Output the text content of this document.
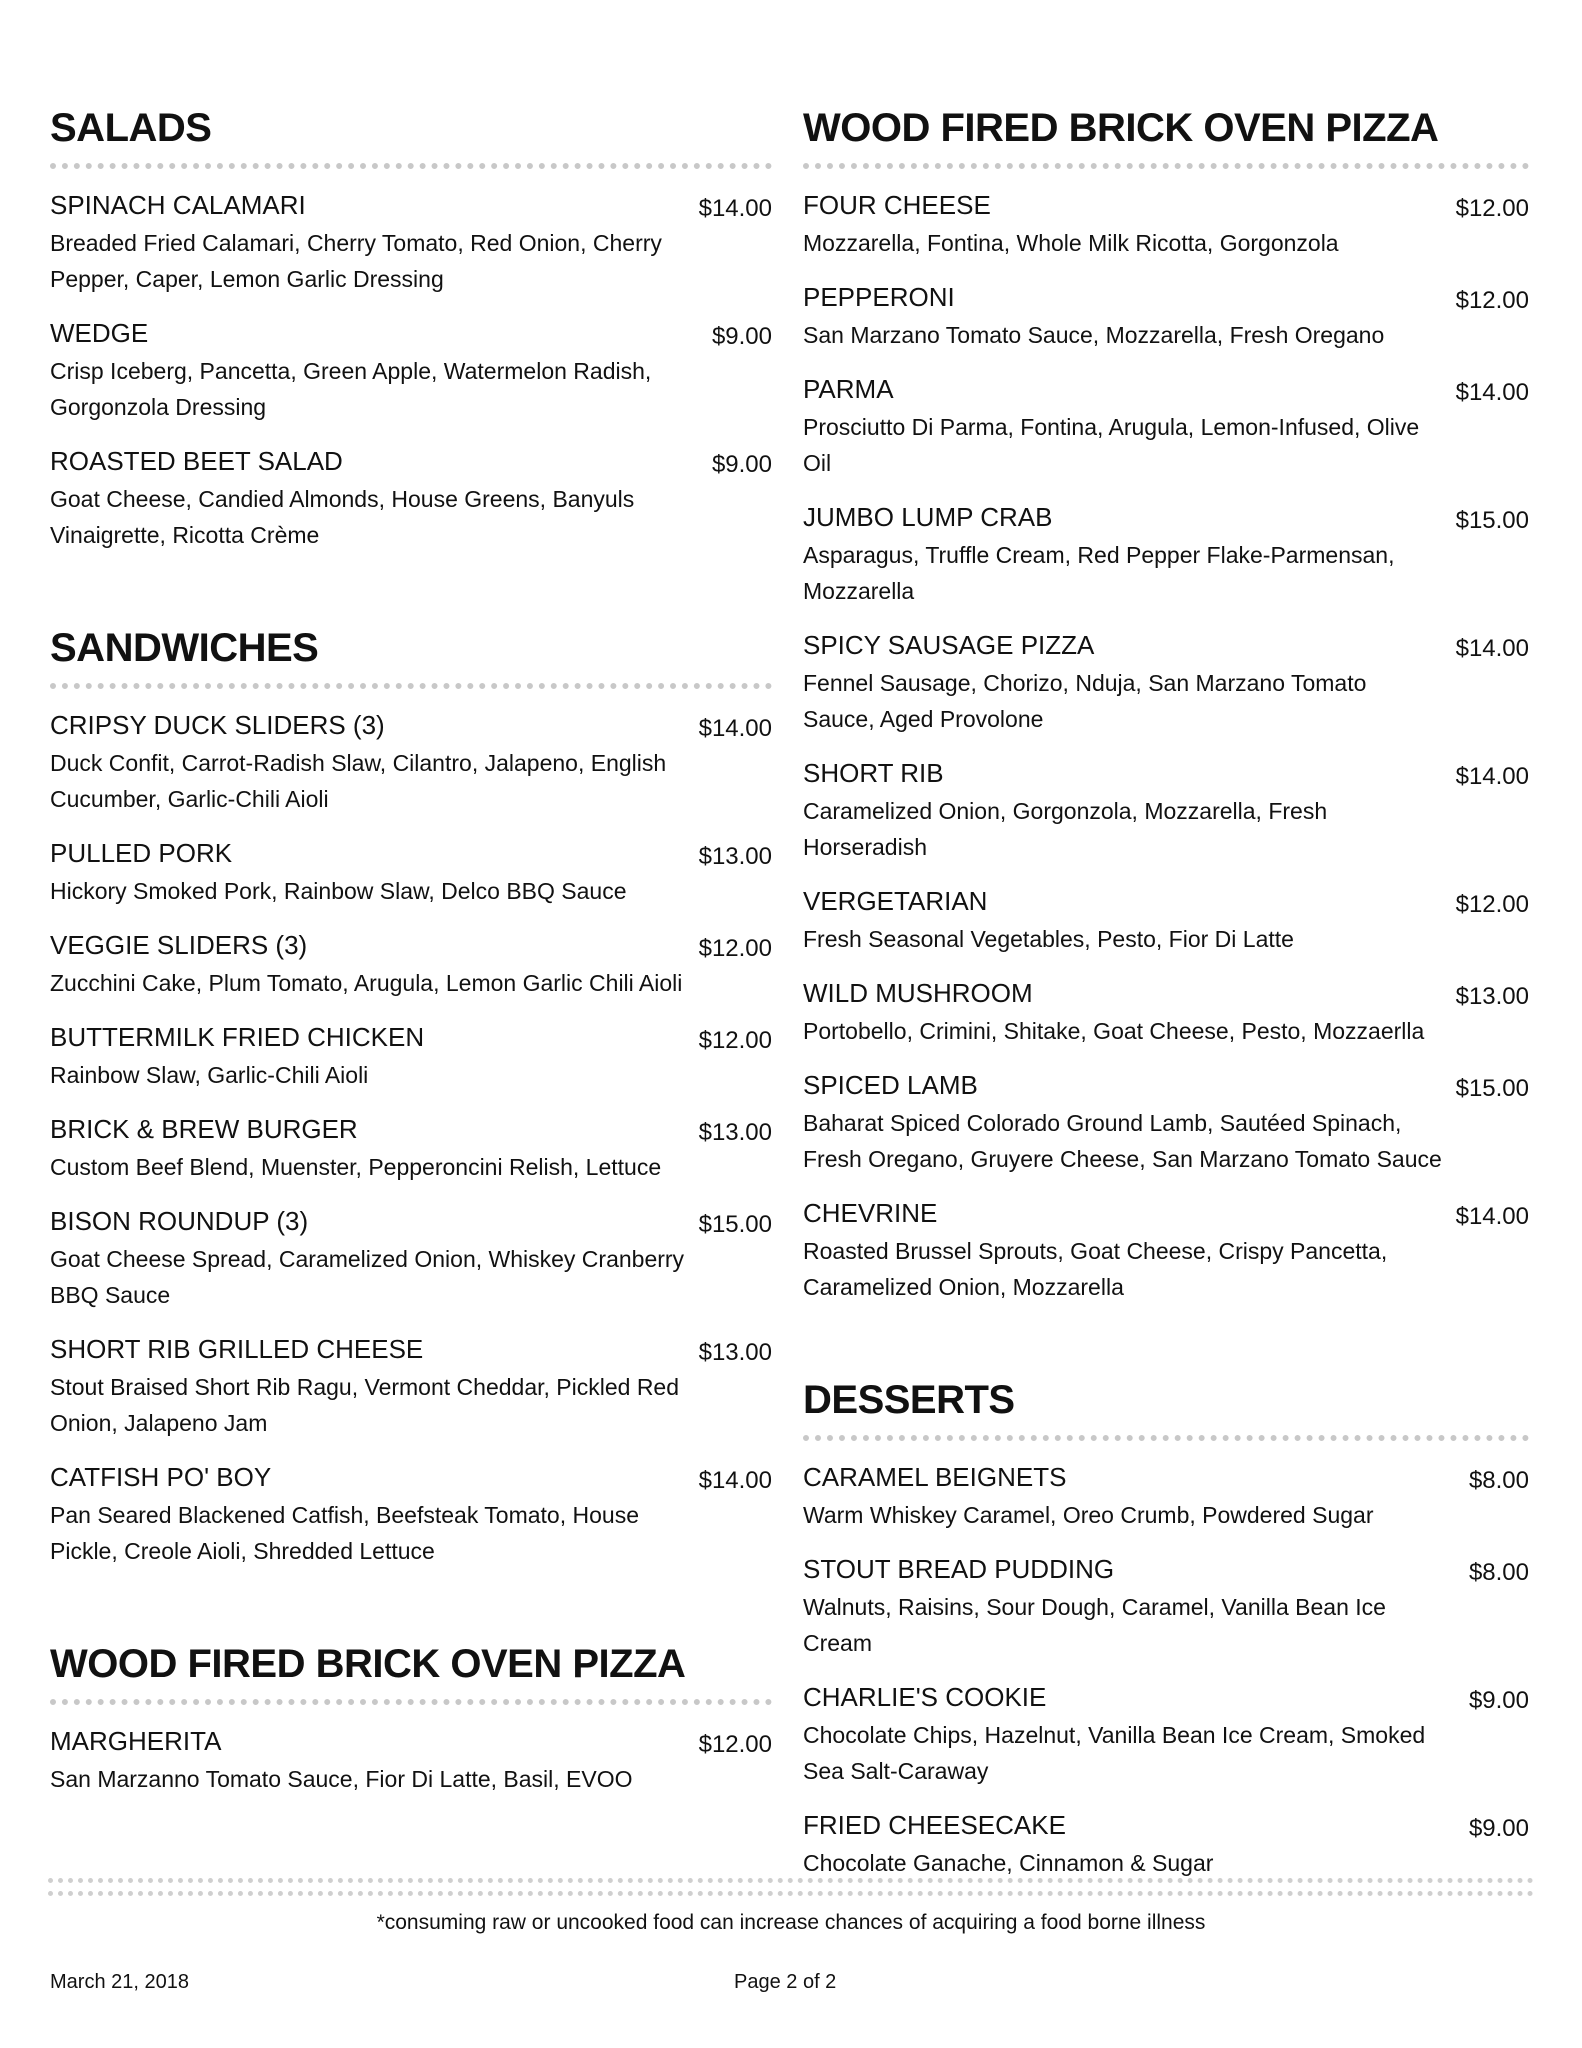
SALADS
SPINACH CALAMARI	$14.00
Breaded Fried Calamari, Cherry Tomato, Red Onion, Cherry Pepper, Caper, Lemon Garlic Dressing
WEDGE	$9.00
Crisp Iceberg, Pancetta, Green Apple, Watermelon Radish, Gorgonzola Dressing
ROASTED BEET SALAD	$9.00
Goat Cheese, Candied Almonds, House Greens, Banyuls Vinaigrette, Ricotta Crème
SANDWICHES
CRIPSY DUCK SLIDERS (3)	$14.00
Duck Confit, Carrot-Radish Slaw, Cilantro, Jalapeno, English Cucumber, Garlic-Chili Aioli
PULLED PORK	$13.00
Hickory Smoked Pork, Rainbow Slaw, Delco BBQ Sauce
VEGGIE SLIDERS (3)	$12.00
Zucchini Cake, Plum Tomato, Arugula, Lemon Garlic Chili Aioli
BUTTERMILK FRIED CHICKEN	$12.00
Rainbow Slaw, Garlic-Chili Aioli
BRICK & BREW BURGER	$13.00
Custom Beef Blend, Muenster, Pepperoncini Relish, Lettuce
BISON ROUNDUP (3)	$15.00
Goat Cheese Spread, Caramelized Onion, Whiskey Cranberry BBQ Sauce
SHORT RIB GRILLED CHEESE	$13.00
Stout Braised Short Rib Ragu, Vermont Cheddar, Pickled Red Onion, Jalapeno Jam
CATFISH PO' BOY	$14.00
Pan Seared Blackened Catfish, Beefsteak Tomato, House Pickle, Creole Aioli, Shredded Lettuce
WOOD FIRED BRICK OVEN PIZZA
MARGHERITA	$12.00
San Marzanno Tomato Sauce, Fior Di Latte, Basil, EVOO
WOOD FIRED BRICK OVEN PIZZA
FOUR CHEESE	$12.00
Mozzarella, Fontina, Whole Milk Ricotta, Gorgonzola
PEPPERONI	$12.00
San Marzano Tomato Sauce, Mozzarella, Fresh Oregano
PARMA	$14.00
Prosciutto Di Parma, Fontina, Arugula, Lemon-Infused, Olive Oil
JUMBO LUMP CRAB	$15.00
Asparagus, Truffle Cream, Red Pepper Flake-Parmensan, Mozzarella
SPICY SAUSAGE PIZZA	$14.00
Fennel Sausage, Chorizo, Nduja, San Marzano Tomato Sauce, Aged Provolone
SHORT RIB	$14.00
Caramelized Onion, Gorgonzola, Mozzarella, Fresh Horseradish
VERGETARIAN	$12.00
Fresh Seasonal Vegetables, Pesto, Fior Di Latte
WILD MUSHROOM	$13.00
Portobello, Crimini, Shitake, Goat Cheese, Pesto, Mozzaerlla
SPICED LAMB	$15.00
Baharat Spiced Colorado Ground Lamb, Sautéed Spinach, Fresh Oregano, Gruyere Cheese, San Marzano Tomato Sauce
CHEVRINE	$14.00
Roasted Brussel Sprouts, Goat Cheese, Crispy Pancetta, Caramelized Onion, Mozzarella
DESSERTS
CARAMEL BEIGNETS	$8.00
Warm Whiskey Caramel, Oreo Crumb, Powdered Sugar
STOUT BREAD PUDDING	$8.00
Walnuts, Raisins, Sour Dough, Caramel, Vanilla Bean Ice Cream
CHARLIE'S COOKIE	$9.00
Chocolate Chips, Hazelnut, Vanilla Bean Ice Cream, Smoked Sea Salt-Caraway
FRIED CHEESECAKE	$9.00
Chocolate Ganache, Cinnamon & Sugar
*consuming raw or uncooked food can increase chances of acquiring a food borne illness
March 21, 2018	Page 2 of 2
